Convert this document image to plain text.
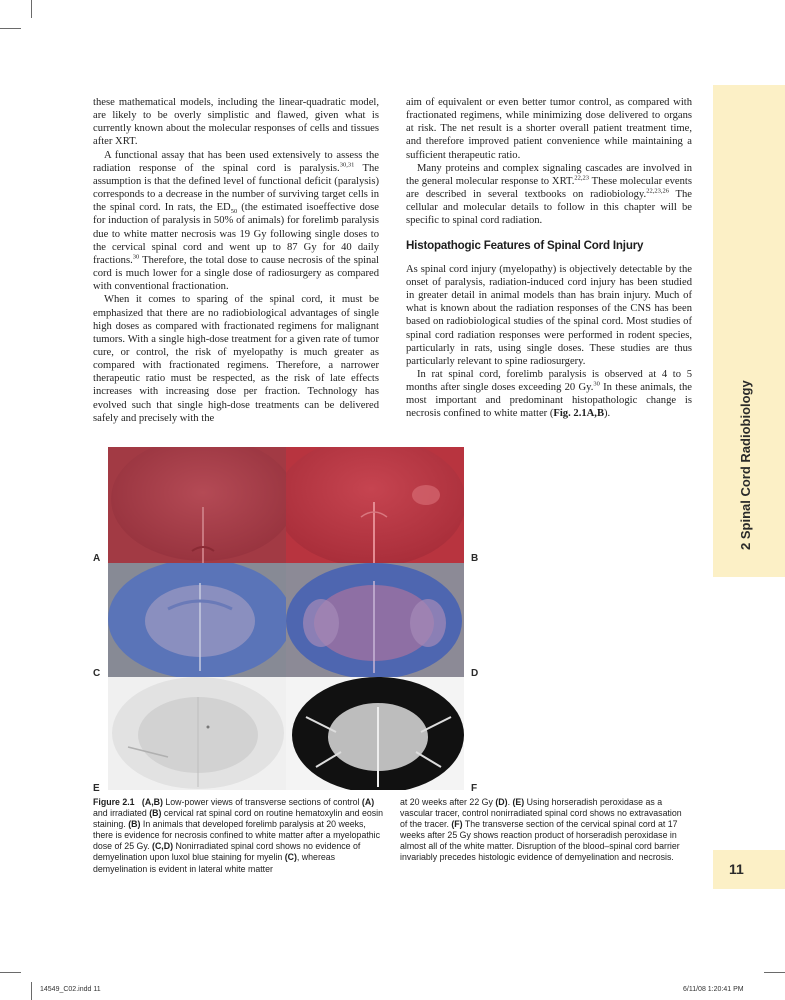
2 Spinal Cord Radiobiology
11

these mathematical models, including the linear-quadratic model, are likely to be overly simplistic and flawed, given what is currently known about the molecular responses of cells and tissues after XRT.

A functional assay that has been used extensively to assess the radiation response of the spinal cord is paralysis.$^{30,31}$ The assumption is that the defined level of functional deficit (paralysis) corresponds to a decrease in the number of surviving target cells in the spinal cord. In rats, the $ED_{50}$ (the estimated isoeffective dose for induction of paralysis in 50% of animals) for forelimb paralysis due to white matter necrosis was 19 Gy following single doses to the cervical spinal cord and went up to 87 Gy for 40 daily fractions.$^{30}$ Therefore, the total dose to cause necrosis of the spinal cord is much lower for a single dose of radiosurgery as compared with conventional fractionation.

When it comes to sparing of the spinal cord, it must be emphasized that there are no radiobiological advantages of single high doses as compared with fractionated regimens for malignant tumors. With a single high-dose treatment for a given rate of tumor cure, or control, the risk of myelopathy is much greater as compared with fractionated regimens. Therefore, a narrower therapeutic ratio must be respected, as the risk of late effects increases with increasing dose per fraction. Technology has evolved such that single high-dose treatments can be delivered safely and precisely with the

aim of equivalent or even better tumor control, as compared with fractionated regimens, while minimizing dose delivered to organs at risk. The net result is a shorter overall patient treatment time, and therefore improved patient convenience while maintaining a sufficient therapeutic ratio.

Many proteins and complex signaling cascades are involved in the general molecular response to XRT.$^{22,23}$ These molecular events are described in several textbooks on radiobiology.$^{22,23,26}$ The cellular and molecular details to follow in this chapter will be specific to spinal cord radiation.

Histopathogic Features of Spinal Cord Injury

As spinal cord injury (myelopathy) is objectively detectable by the onset of paralysis, radiation-induced cord injury has been studied in greater detail in animal models than has brain injury. Much of what is known about the radiation responses of the CNS has been based on radiobiological studies of the spinal cord. Most studies of spinal cord radiation responses were performed in rodent species, particularly in rats, using single doses. These studies are thus particularly relevant to spine radiosurgery.

In rat spinal cord, forelimb paralysis is observed at 4 to 5 months after single doses exceeding 20 Gy.$^{30}$ In these animals, the most important and predominant histopathologic change is necrosis confined to white matter (Fig. 2.1A,B).

A	B
C	D
E	F
Figure 2.1 (A,B) Low-power views of transverse sections of control (A) and irradiated (B) cervical rat spinal cord on routine hematoxylin and eosin staining. (B) In animals that developed forelimb paralysis at 20 weeks, there is evidence for necrosis confined to white matter after a myelopathic dose of 25 Gy. (C,D) Nonirradiated spinal cord shows no evidence of demyelination upon luxol blue staining for myelin (C), whereas demyelination is evident in lateral white matter
at 20 weeks after 22 Gy (D). (E) Using horseradish peroxidase as a vascular tracer, control nonirradiated spinal cord shows no extravasation of the tracer. (F) The transverse section of the cervical spinal cord at 17 weeks after 25 Gy shows reaction product of horseradish peroxidase in almost all of the white matter. Disruption of the blood–spinal cord barrier invariably precedes histologic evidence of demyelination and necrosis.
14549_C02.indd 11	6/11/08 1:20:41 PM
